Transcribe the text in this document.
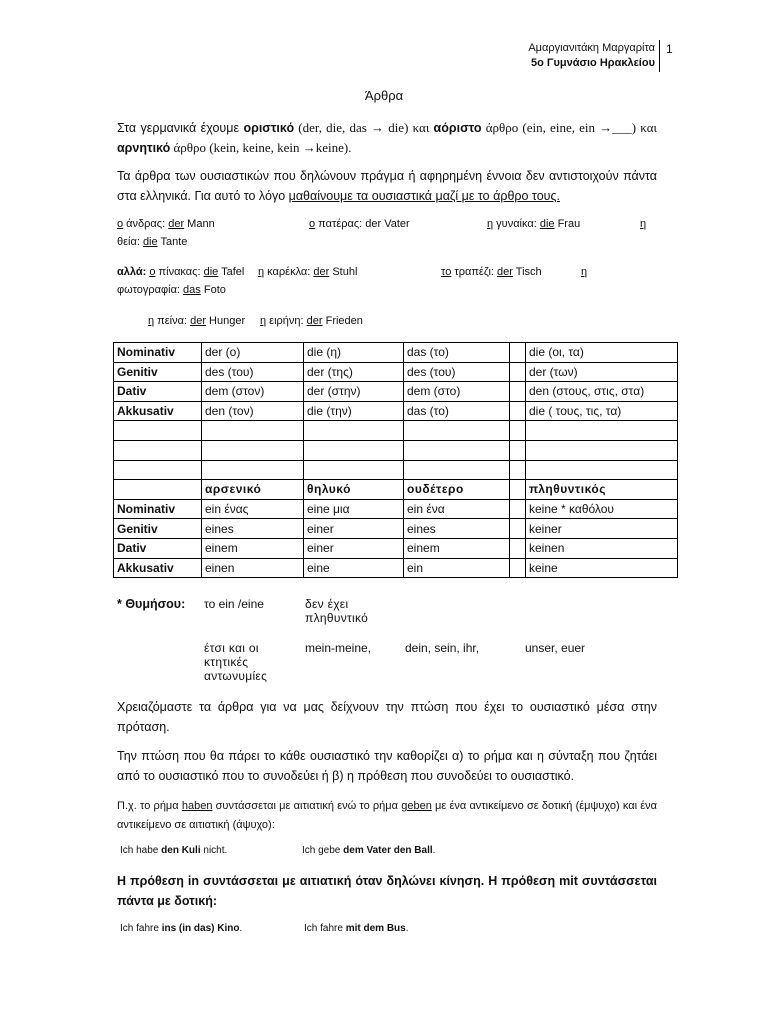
Αμαργιανιτάκη Μαργαρίτα
5ο Γυμνάσιο Ηρακλείου
1
Άρθρα
Στα γερμανικά έχουμε οριστικό (der, die, das → die) και αόριστο άρθρο (ein, eine, ein →___) και αρνητικό άρθρο (kein, keine, kein →keine).
Τα άρθρα των ουσιαστικών που δηλώνουν πράγμα ή αφηρημένη έννοια δεν αντιστοιχούν πάντα στα ελληνικά. Για αυτό το λόγο μαθαίνουμε τα ουσιαστικά μαζί με το άρθρο τους.
ο άνδρας: der Mann	ο πατέρας: der Vater	η γυναίκα: die Frau	η
θεία: die Tante
αλλά: ο πίνακας: die Tafel η καρέκλα: der Stuhl	το τραπέζι: der Tisch	η
φωτογραφία: das Foto
η πείνα: der Hunger η ειρήνη: der Frieden
Nominativ	der (ο)	die (η)	das (το)		die (οι, τα)
Genitiv	des (του)	der (της)	des (του)		der (των)
Dativ	dem (στον)	der (στην)	dem (στο)		den (στους, στις, στα)
Akkusativ	den (τον)	die (την)	das (το)		die ( τους, τις, τα)

	αρσενικό	θηλυκό	ουδέτερο		πληθυντικός
Nominativ	ein ένας	eine μια	ein ένα		keine * καθόλου
Genitiv	eines	einer	eines		keiner
Dativ	einem	einer	einem		keinen
Akkusativ	einen	eine	ein		keine
* Θυμήσου: το ein /eine	δεν έχει
πληθυντικό
έτσι και οι
κτητικές
αντωνυμίες
mein-meine,	dein, sein, ihr,	unser, euer
Χρειαζόμαστε τα άρθρα για να μας δείχνουν την πτώση που έχει το ουσιαστικό μέσα στην πρόταση.
Την πτώση που θα πάρει το κάθε ουσιαστικό την καθορίζει α) το ρήμα και η σύνταξη που ζητάει από το ουσιαστικό που το συνοδεύει ή β) η πρόθεση που συνοδεύει το ουσιαστικό.
Π.χ. το ρήμα haben συντάσσεται με αιτιατική ενώ το ρήμα geben με ένα αντικείμενο σε δοτική (έμψυχο) και ένα αντικείμενο σε αιτιατική (άψυχο):
Ich habe den Kuli nicht.	Ich gebe dem Vater den Ball.
Η πρόθεση in συντάσσεται με αιτιατική όταν δηλώνει κίνηση. Η πρόθεση mit συντάσσεται πάντα με δοτική:
Ich fahre ins (in das) Kino.	Ich fahre mit dem Bus.
